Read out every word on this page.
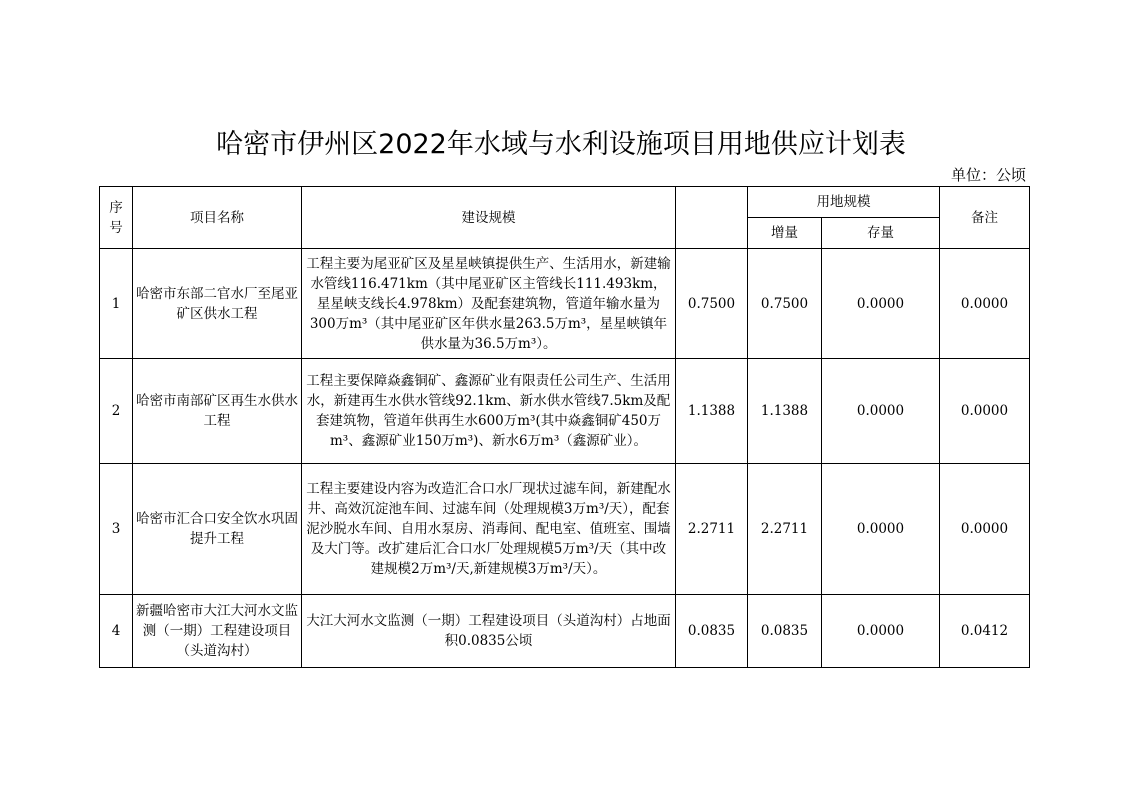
哈密市伊州区2022年水域与水利设施项目用地供应计划表
单位：公顷
序号	项目名称	建设规模		用地规模		备注
				增量	存量	
1	哈密市东部二官水厂至尾亚矿区供水工程	工程主要为尾亚矿区及星星峡镇提供生产、生活用水，新建输水管线116.471km（其中尾亚矿区主管线长111.493km，星星峡支线长4.978km）及配套建筑物，管道年输水量为300万m³（其中尾亚矿区年供水量263.5万m³，星星峡镇年供水量为36.5万m³）。	0.7500	0.7500	0.0000	0.0000
2	哈密市南部矿区再生水供水工程	工程主要保障焱鑫铜矿、鑫源矿业有限责任公司生产、生活用水，新建再生水供水管线92.1km、新水供水管线7.5km及配套建筑物，管道年供再生水600万m³(其中焱鑫铜矿450万m³、鑫源矿业150万m³)、新水6万m³（鑫源矿业）。	1.1388	1.1388	0.0000	0.0000
3	哈密市汇合口安全饮水巩固提升工程	工程主要建设内容为改造汇合口水厂现状过滤车间，新建配水井、高效沉淀池车间、过滤车间（处理规模3万m³/天），配套泥沙脱水车间、自用水泵房、消毒间、配电室、值班室、围墙及大门等。改扩建后汇合口水厂处理规模5万m³/天（其中改建规模2万m³/天,新建规模3万m³/天）。	2.2711	2.2711	0.0000	0.0000
4	新疆哈密市大江大河水文监测（一期）工程建设项目（头道沟村）	大江大河水文监测（一期）工程建设项目（头道沟村）占地面积0.0835公顷	0.0835	0.0835	0.0000	0.0412
